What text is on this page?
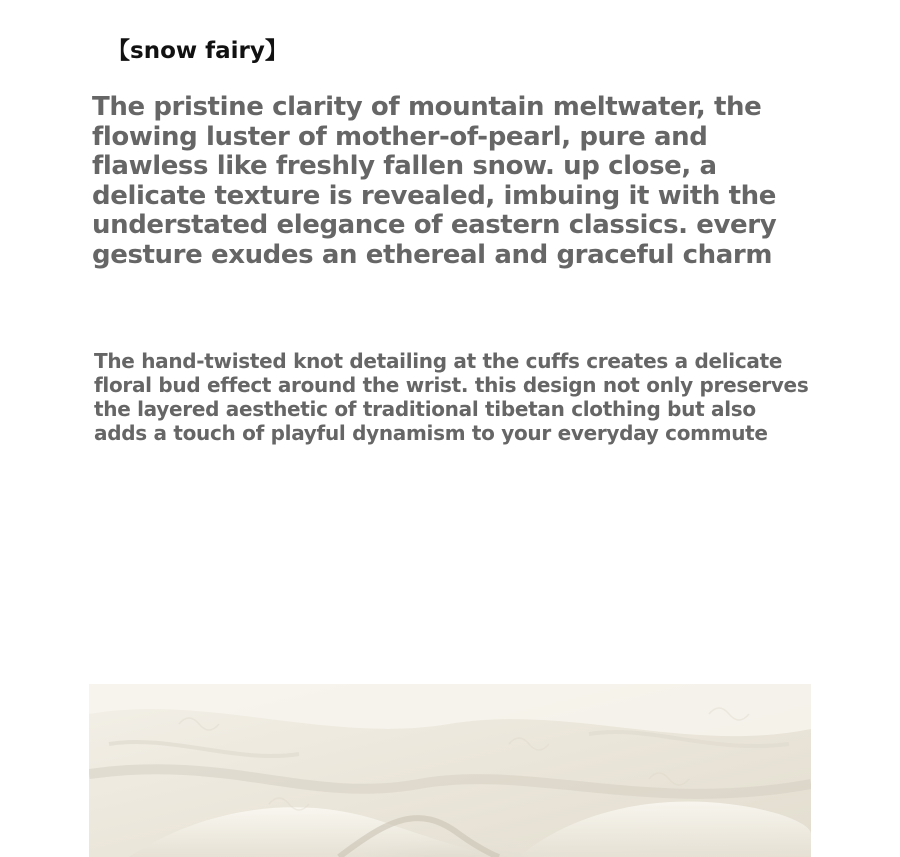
【snow fairy】
The pristine clarity of mountain meltwater, the flowing luster of mother-of-pearl, pure and flawless like freshly fallen snow. up close, a delicate texture is revealed, imbuing it with the understated elegance of eastern classics. every gesture exudes an ethereal and graceful charm
The hand-twisted knot detailing at the cuffs creates a delicate floral bud effect around the wrist. this design not only preserves the layered aesthetic of traditional tibetan clothing but also adds a touch of playful dynamism to your everyday commute
